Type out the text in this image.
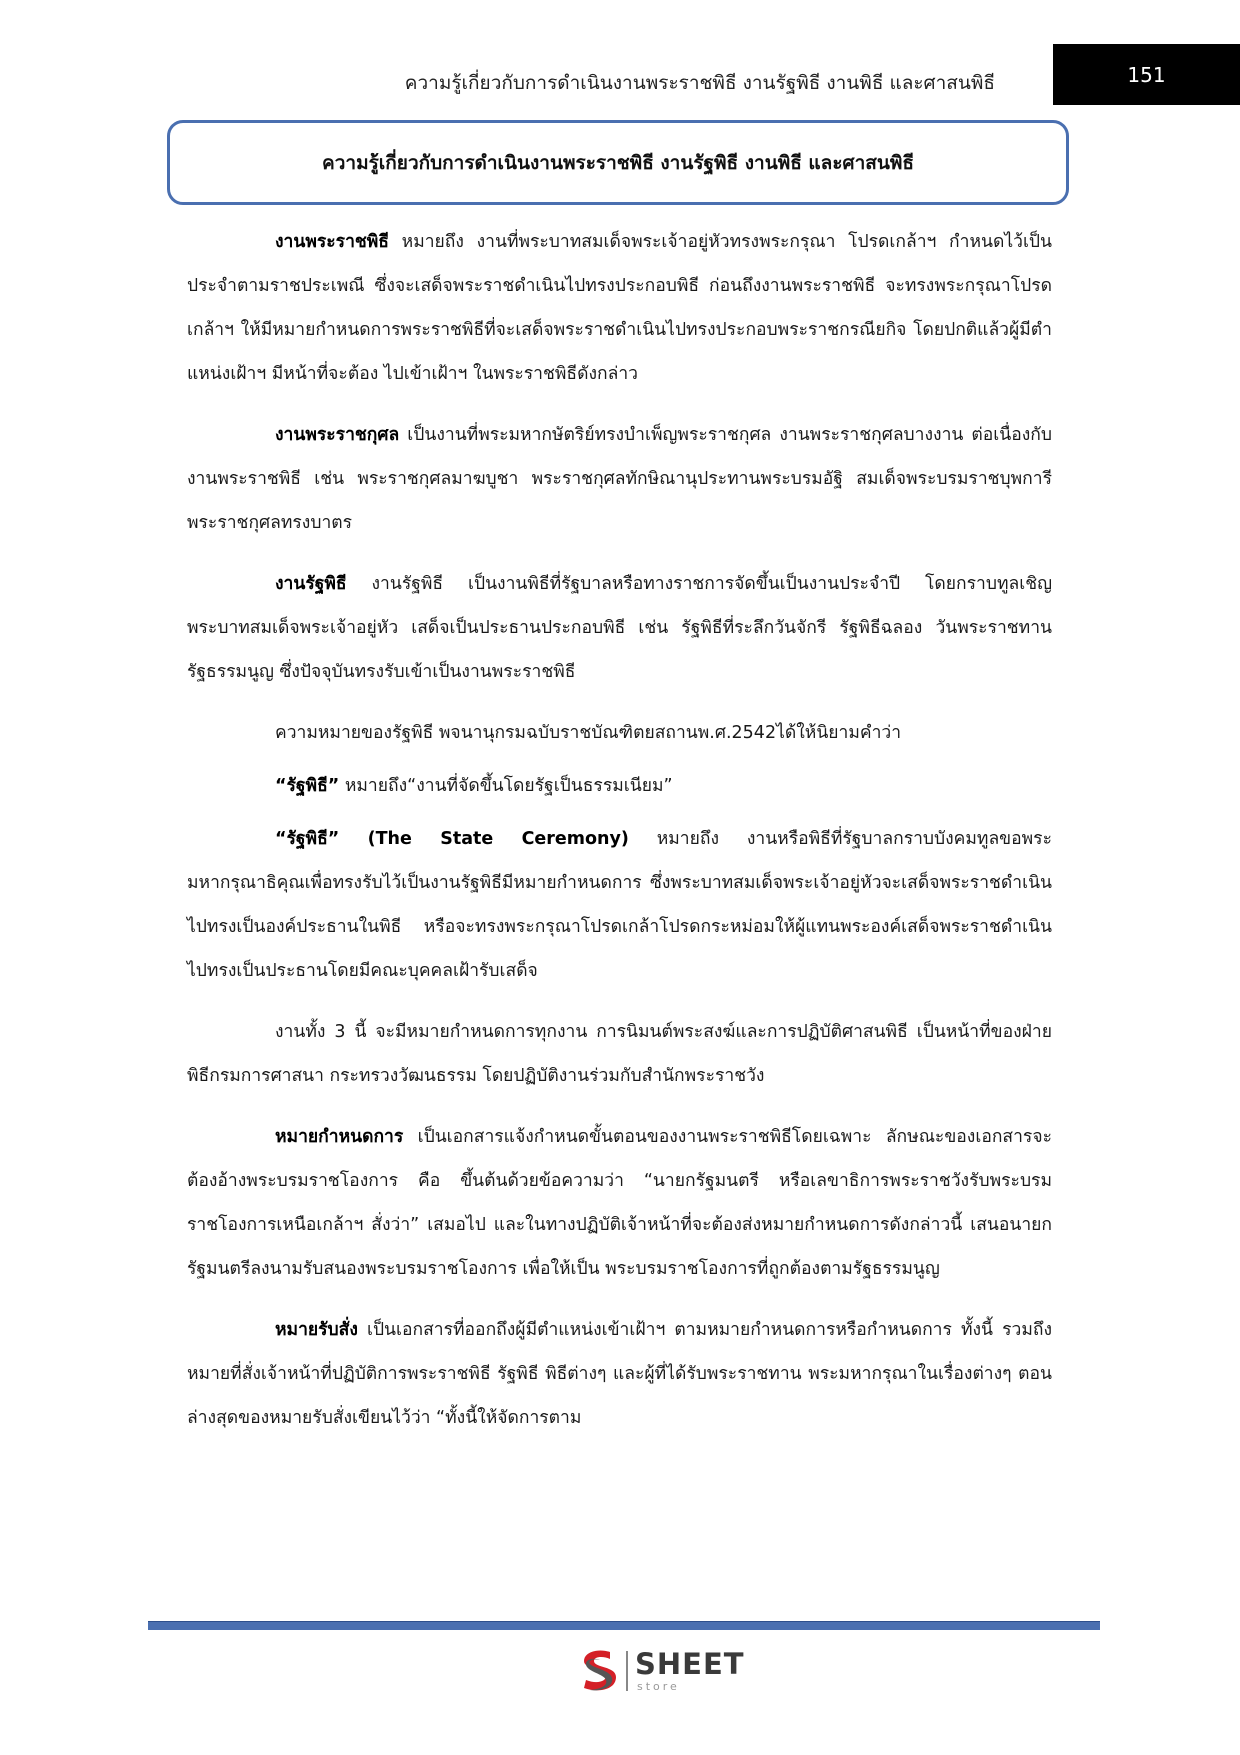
ความรู้เกี่ยวกับการดำเนินงานพระราชพิธี งานรัฐพิธี งานพิธี และศาสนพิธี	151
ความรู้เกี่ยวกับการดำเนินงานพระราชพิธี งานรัฐพิธี งานพิธี และศาสนพิธี

งานพระราชพิธี หมายถึง งานที่พระบาทสมเด็จพระเจ้าอยู่หัวทรงพระกรุณา โปรดเกล้าฯ กำหนดไว้เป็นประจำตามราชประเพณี ซึ่งจะเสด็จพระราชดำเนินไปทรงประกอบพิธี ก่อนถึงงานพระราชพิธี จะทรงพระกรุณาโปรดเกล้าฯ ให้มีหมายกำหนดการพระราชพิธีที่จะเสด็จพระราชดำเนินไปทรงประกอบพระราชกรณียกิจ โดยปกติแล้วผู้มีตำแหน่งเฝ้าฯ มีหน้าที่จะต้อง ไปเข้าเฝ้าฯ ในพระราชพิธีดังกล่าว

งานพระราชกุศล เป็นงานที่พระมหากษัตริย์ทรงบำเพ็ญพระราชกุศล งานพระราชกุศลบางงาน ต่อเนื่องกับงานพระราชพิธี เช่น พระราชกุศลมาฆบูชา พระราชกุศลทักษิณานุประทานพระบรมอัฐิ สมเด็จพระบรมราชบุพการี พระราชกุศลทรงบาตร

งานรัฐพิธี งานรัฐพิธี เป็นงานพิธีที่รัฐบาลหรือทางราชการจัดขึ้นเป็นงานประจำปี โดยกราบทูลเชิญ พระบาทสมเด็จพระเจ้าอยู่หัว เสด็จเป็นประธานประกอบพิธี เช่น รัฐพิธีที่ระลึกวันจักรี รัฐพิธีฉลอง วันพระราชทานรัฐธรรมนูญ ซึ่งปัจจุบันทรงรับเข้าเป็นงานพระราชพิธี

ความหมายของรัฐพิธี พจนานุกรมฉบับราชบัณฑิตยสถานพ.ศ.2542ได้ให้นิยามคำว่า

“รัฐพิธี” หมายถึง“งานที่จัดขึ้นโดยรัฐเป็นธรรมเนียม”

“รัฐพิธี” (The State Ceremony) หมายถึง งานหรือพิธีที่รัฐบาลกราบบังคมทูลขอพระมหากรุณาธิคุณเพื่อทรงรับไว้เป็นงานรัฐพิธีมีหมายกำหนดการ ซึ่งพระบาทสมเด็จพระเจ้าอยู่หัวจะเสด็จพระราชดำเนินไปทรงเป็นองค์ประธานในพิธี หรือจะทรงพระกรุณาโปรดเกล้าโปรดกระหม่อมให้ผู้แทนพระองค์เสด็จพระราชดำเนินไปทรงเป็นประธานโดยมีคณะบุคคลเฝ้ารับเสด็จ

งานทั้ง 3 นี้ จะมีหมายกำหนดการทุกงาน การนิมนต์พระสงฆ์และการปฏิบัติศาสนพิธี เป็นหน้าที่ของฝ่ายพิธีกรมการศาสนา กระทรวงวัฒนธรรม โดยปฏิบัติงานร่วมกับสำนักพระราชวัง

หมายกำหนดการ เป็นเอกสารแจ้งกำหนดขั้นตอนของงานพระราชพิธีโดยเฉพาะ ลักษณะของเอกสารจะต้องอ้างพระบรมราชโองการ คือ ขึ้นต้นด้วยข้อความว่า “นายกรัฐมนตรี หรือเลขาธิการพระราชวังรับพระบรมราชโองการเหนือเกล้าฯ สั่งว่า” เสมอไป และในทางปฏิบัติเจ้าหน้าที่จะต้องส่งหมายกำหนดการดังกล่าวนี้ เสนอนายกรัฐมนตรีลงนามรับสนองพระบรมราชโองการ เพื่อให้เป็น พระบรมราชโองการที่ถูกต้องตามรัฐธรรมนูญ

หมายรับสั่ง เป็นเอกสารที่ออกถึงผู้มีตำแหน่งเข้าเฝ้าฯ ตามหมายกำหนดการหรือกำหนดการ ทั้งนี้ รวมถึงหมายที่สั่งเจ้าหน้าที่ปฏิบัติการพระราชพิธี รัฐพิธี พิธีต่างๆ และผู้ที่ได้รับพระราชทาน พระมหากรุณาในเรื่องต่างๆ ตอนล่างสุดของหมายรับสั่งเขียนไว้ว่า “ทั้งนี้ให้จัดการตาม

SHEET
store
